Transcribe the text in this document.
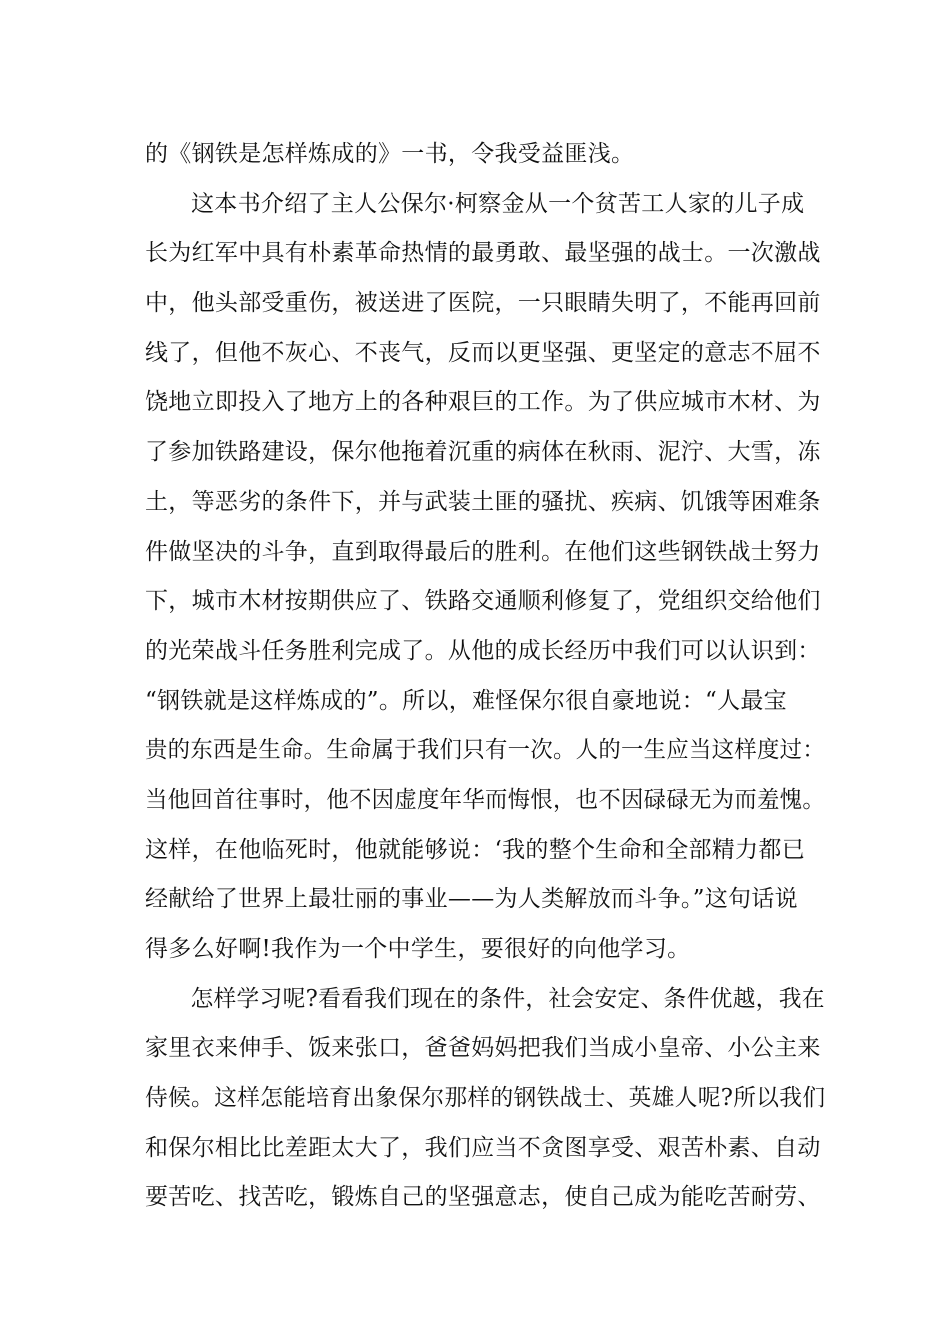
的《钢铁是怎样炼成的》一书，令我受益匪浅。
这本书介绍了主人公保尔·柯察金从一个贫苦工人家的儿子成
长为红军中具有朴素革命热情的最勇敢、最坚强的战士。一次激战
中，他头部受重伤，被送进了医院，一只眼睛失明了，不能再回前
线了，但他不灰心、不丧气，反而以更坚强、更坚定的意志不屈不
饶地立即投入了地方上的各种艰巨的工作。为了供应城市木材、为
了参加铁路建设，保尔他拖着沉重的病体在秋雨、泥泞、大雪，冻
土，等恶劣的条件下，并与武装土匪的骚扰、疾病、饥饿等困难条
件做坚决的斗争，直到取得最后的胜利。在他们这些钢铁战士努力
下，城市木材按期供应了、铁路交通顺利修复了，党组织交给他们
的光荣战斗任务胜利完成了。从他的成长经历中我们可以认识到：
“钢铁就是这样炼成的”。所以，难怪保尔很自豪地说：“人最宝
贵的东西是生命。生命属于我们只有一次。人的一生应当这样度过：
当他回首往事时，他不因虚度年华而悔恨，也不因碌碌无为而羞愧。
这样，在他临死时，他就能够说：‘我的整个生命和全部精力都已
经献给了世界上最壮丽的事业——为人类解放而斗争。”这句话说
得多么好啊!我作为一个中学生，要很好的向他学习。
怎样学习呢?看看我们现在的条件，社会安定、条件优越，我在
家里衣来伸手、饭来张口，爸爸妈妈把我们当成小皇帝、小公主来
侍候。这样怎能培育出象保尔那样的钢铁战士、英雄人呢?所以我们
和保尔相比比差距太大了，我们应当不贪图享受、艰苦朴素、自动
要苦吃、找苦吃，锻炼自己的坚强意志，使自己成为能吃苦耐劳、
